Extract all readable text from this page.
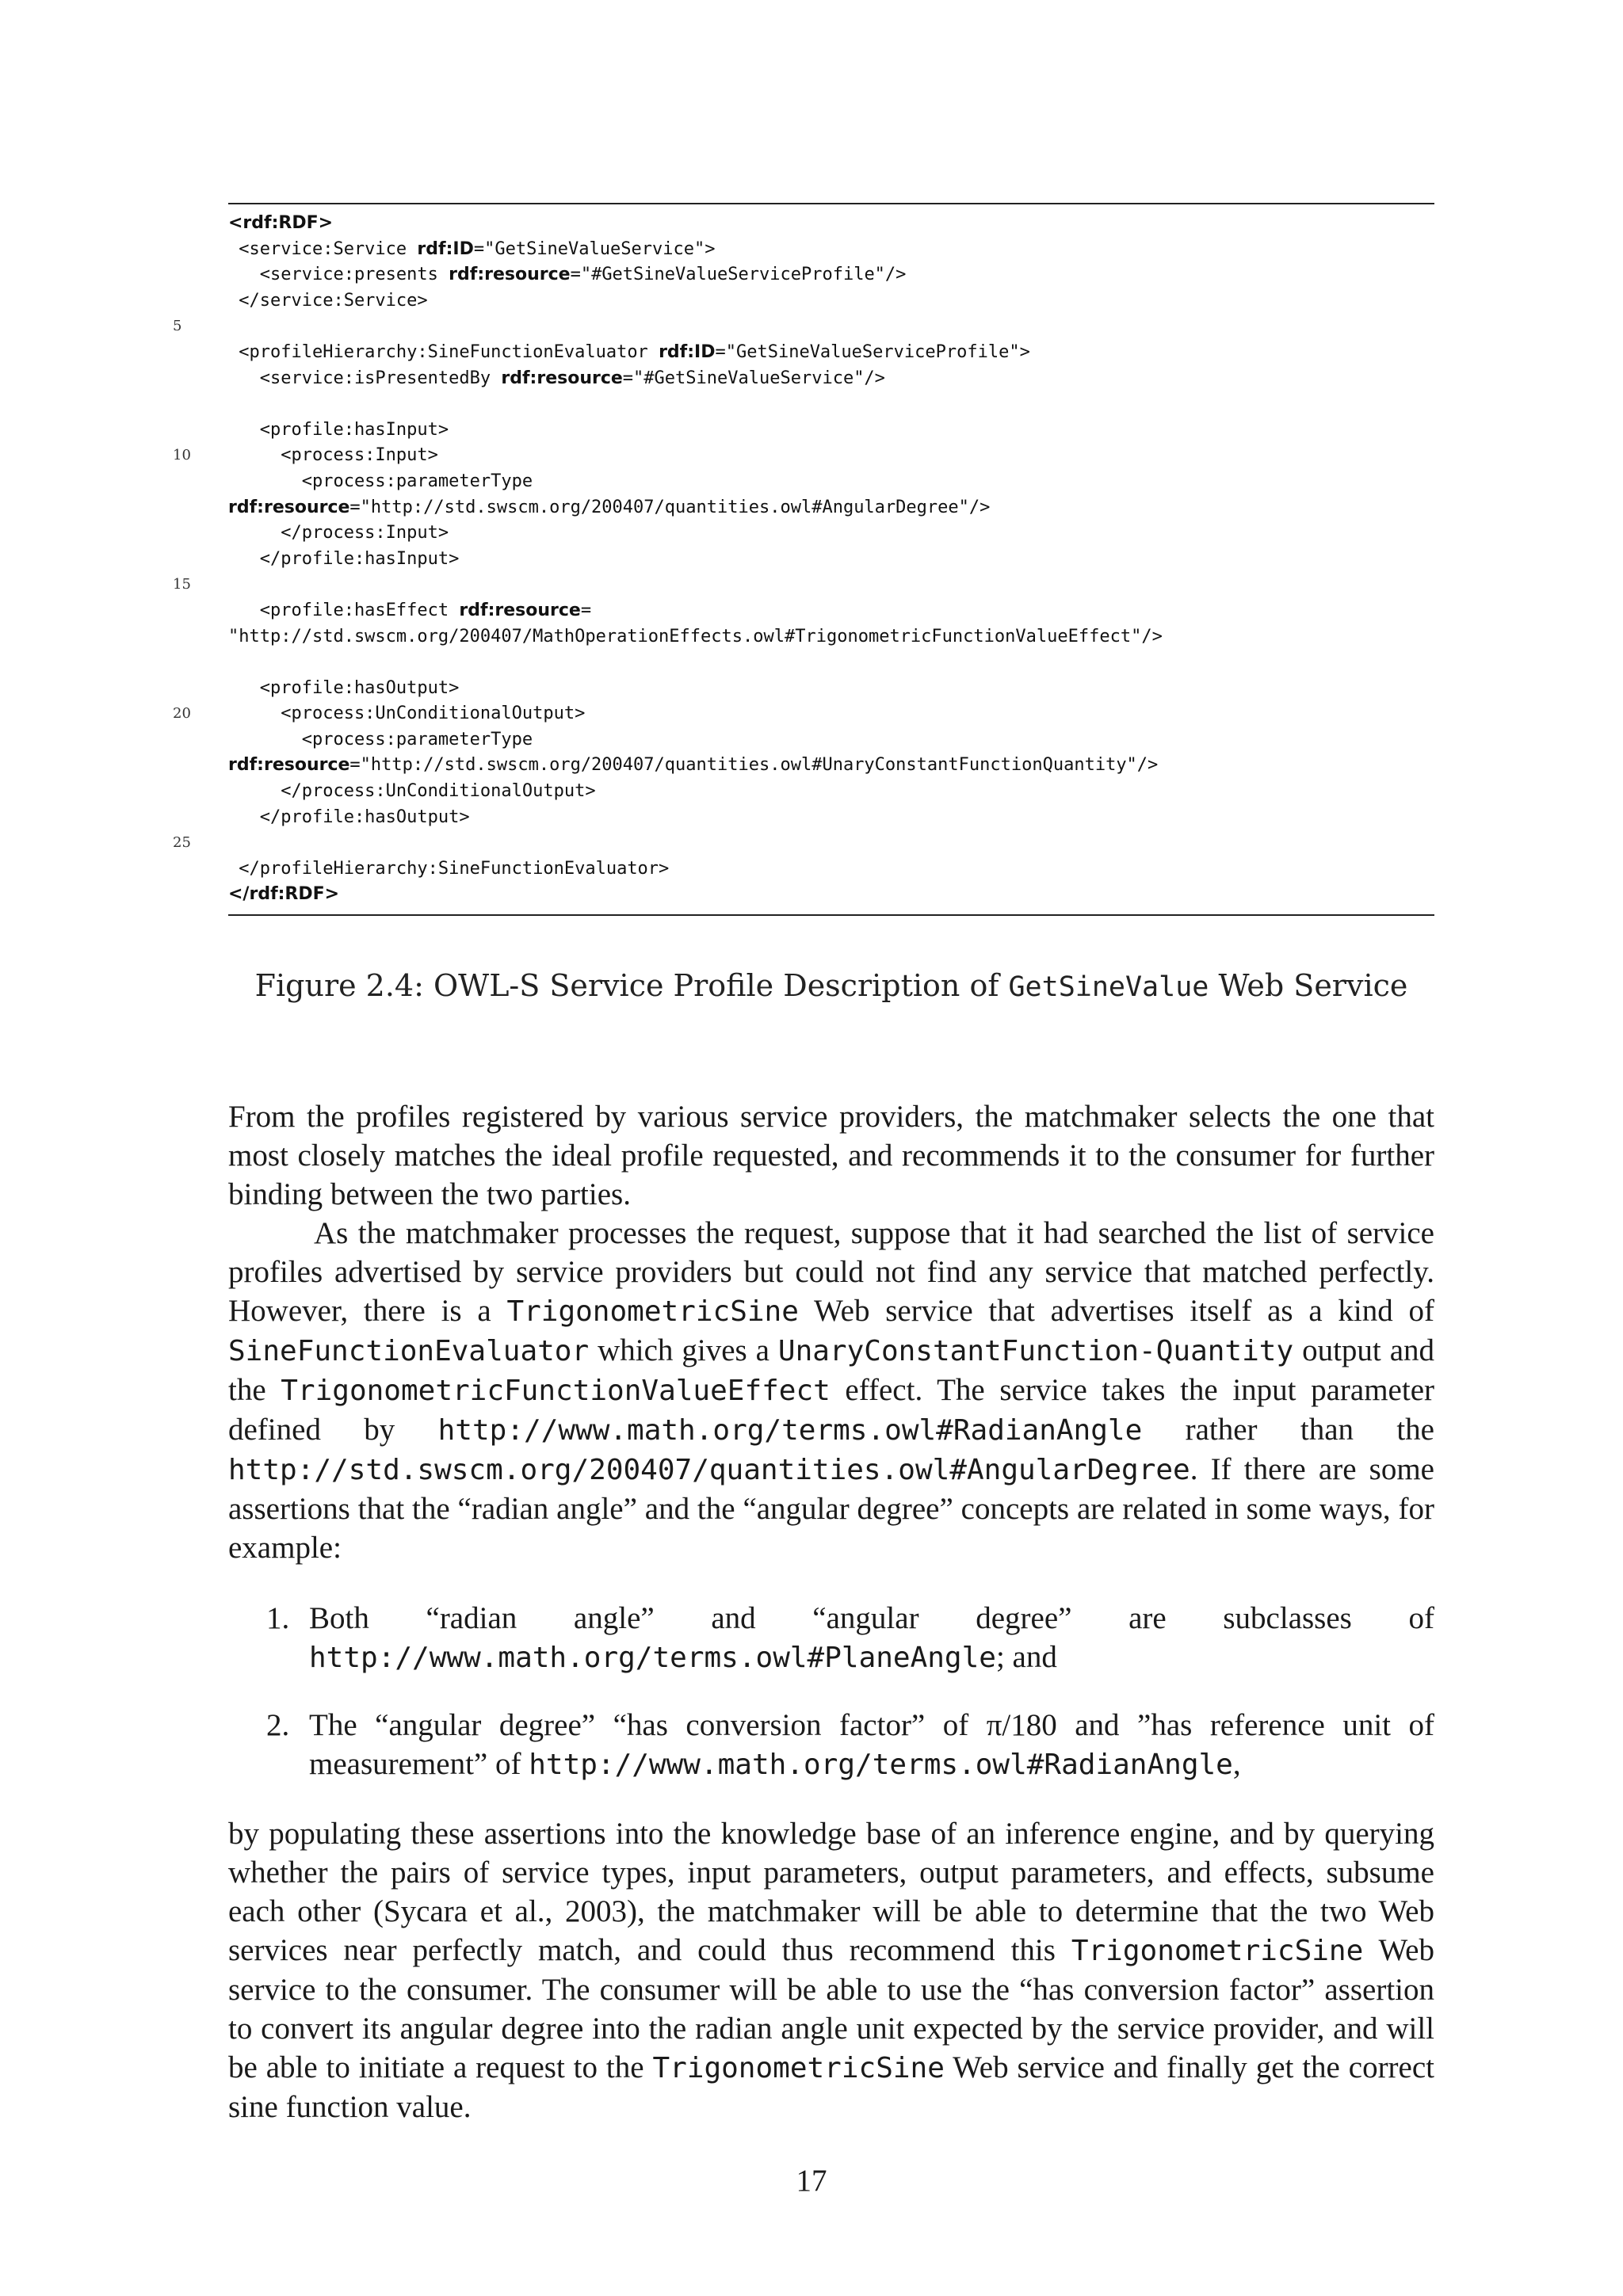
<rdf:RDF>
<service:Service rdf:ID="GetSineValueService">
<service:presents rdf:resource="#GetSineValueServiceProfile"/>
</service:Service>
5
<profileHierarchy:SineFunctionEvaluator rdf:ID="GetSineValueServiceProfile">
<service:isPresentedBy rdf:resource="#GetSineValueService"/>
<profile:hasInput>
10	<process:Input>
<process:parameterType
rdf:resource="http://std.swscm.org/200407/quantities.owl#AngularDegree"/>
</process:Input>
</profile:hasInput>
15
<profile:hasEffect rdf:resource=
"http://std.swscm.org/200407/MathOperationEffects.owl#TrigonometricFunctionValueEffect"/>
<profile:hasOutput>
20	<process:UnConditionalOutput>
<process:parameterType
rdf:resource="http://std.swscm.org/200407/quantities.owl#UnaryConstantFunctionQuantity"/>
</process:UnConditionalOutput>
</profile:hasOutput>
25
</profileHierarchy:SineFunctionEvaluator>
</rdf:RDF>
Figure 2.4: OWL-S Service Profile Description of GetSineValue Web Service
From the profiles registered by various service providers, the matchmaker selects the one that most closely matches the ideal profile requested, and recommends it to the consumer for further binding between the two parties.
As the matchmaker processes the request, suppose that it had searched the list of service profiles advertised by service providers but could not find any service that matched perfectly. However, there is a TrigonometricSine Web service that advertises itself as a kind of SineFunctionEvaluator which gives a UnaryConstantFunction-Quantity output and the TrigonometricFunctionValueEffect effect. The service takes the input parameter defined by http://www.math.org/terms.owl#RadianAngle rather than the http://std.swscm.org/200407/quantities.owl#AngularDegree. If there are some assertions that the “radian angle” and the “angular degree” concepts are related in some ways, for example:
1. Both “radian angle” and “angular degree” are subclasses of http://www.math.org/terms.owl#PlaneAngle; and
2. The “angular degree” “has conversion factor” of π/180 and ”has reference unit of measurement” of http://www.math.org/terms.owl#RadianAngle,
by populating these assertions into the knowledge base of an inference engine, and by querying whether the pairs of service types, input parameters, output parameters, and effects, subsume each other (Sycara et al., 2003), the matchmaker will be able to determine that the two Web services near perfectly match, and could thus recommend this TrigonometricSine Web service to the consumer. The consumer will be able to use the “has conversion factor” assertion to convert its angular degree into the radian angle unit expected by the service provider, and will be able to initiate a request to the TrigonometricSine Web service and finally get the correct sine function value.
17
